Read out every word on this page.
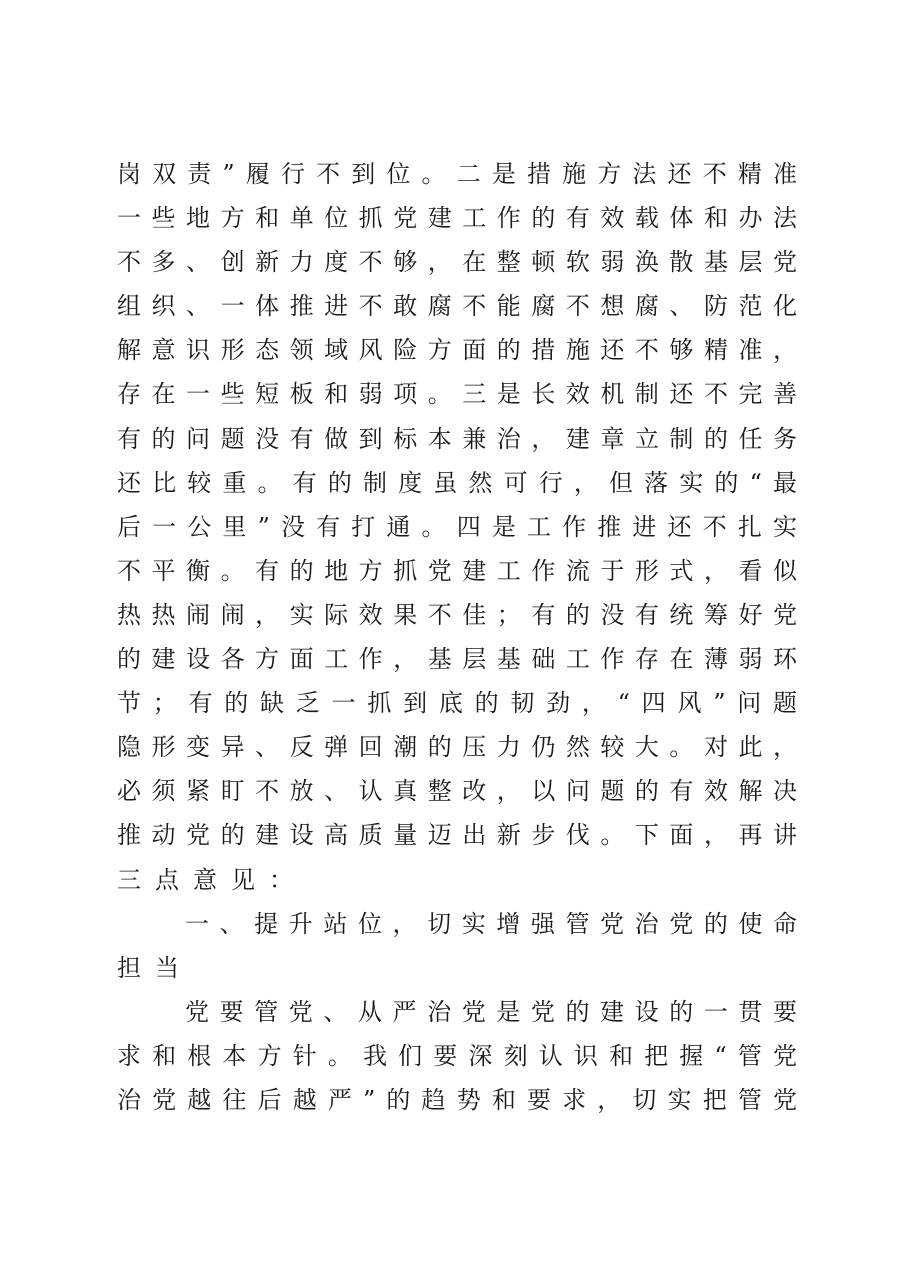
岗双责”履行不到位。二是措施方法还不精准
一些地方和单位抓党建工作的有效载体和办法
不多、创新力度不够，在整顿软弱涣散基层党
组织、一体推进不敢腐不能腐不想腐、防范化
解意识形态领域风险方面的措施还不够精准，
存在一些短板和弱项。三是长效机制还不完善
有的问题没有做到标本兼治，建章立制的任务
还比较重。有的制度虽然可行，但落实的“最
后一公里”没有打通。四是工作推进还不扎实
不平衡。有的地方抓党建工作流于形式，看似
热热闹闹，实际效果不佳；有的没有统筹好党
的建设各方面工作，基层基础工作存在薄弱环
节；有的缺乏一抓到底的韧劲，“四风”问题
隐形变异、反弹回潮的压力仍然较大。对此，
必须紧盯不放、认真整改，以问题的有效解决
推动党的建设高质量迈出新步伐。下面，再讲
三点意见：
一、提升站位，切实增强管党治党的使命
担当
党要管党、从严治党是党的建设的一贯要
求和根本方针。我们要深刻认识和把握“管党
治党越往后越严”的趋势和要求，切实把管党
